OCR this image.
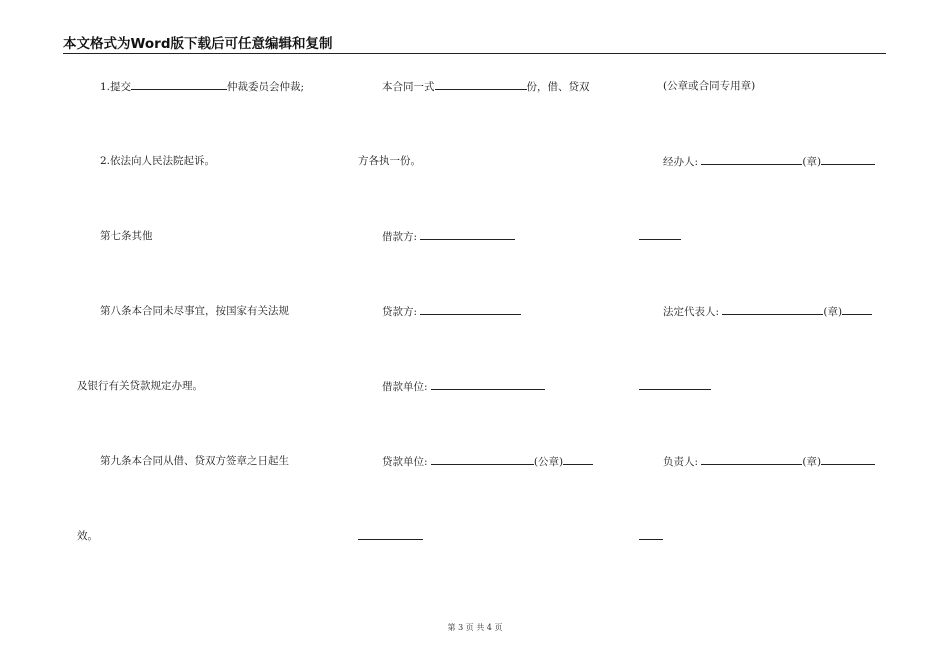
本文格式为Word版下载后可任意编辑和复制
1.提交	仲裁委员会仲裁;
2.依法向人民法院起诉。
第七条其他
第八条本合同未尽事宜，按国家有关法规
及银行有关贷款规定办理。
第九条本合同从借、贷双方签章之日起生
效。
本合同一式	份，借、贷双
方各执一份。
借款方:
贷款方:
借款单位:
贷款单位:	(公章)
(公章或合同专用章)
经办人:	(章)
法定代表人:	(章)
负责人:	(章)
第 3 页 共 4 页
